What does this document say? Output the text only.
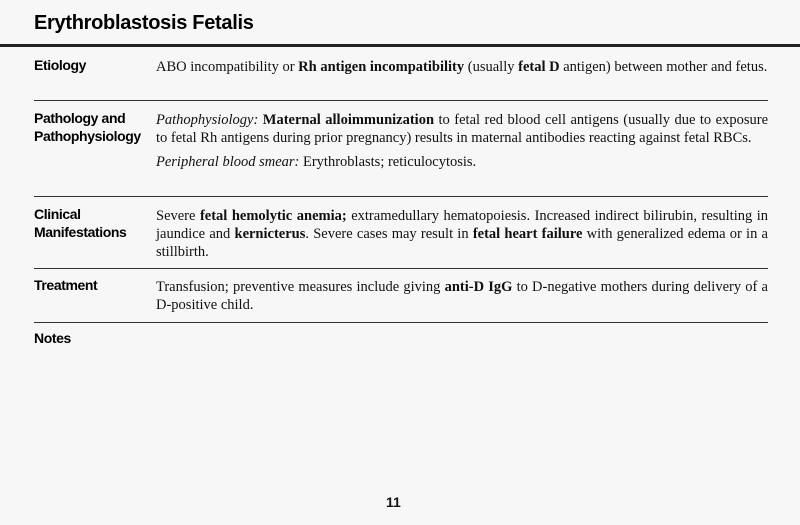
Erythroblastosis Fetalis
Etiology	ABO incompatibility or Rh antigen incompatibility (usually fetal D antigen) between mother and fetus.

Pathology and
Pathophysiology

Pathophysiology: Maternal alloimmunization to fetal red blood cell antigens (usually due to exposure to fetal Rh antigens during prior pregnancy) results in maternal antibodies reacting against fetal RBCs.

Peripheral blood smear: Erythroblasts; reticulocytosis.

Clinical
Manifestations

Severe fetal hemolytic anemia; extramedullary hematopoiesis. Increased indirect bilirubin, resulting in jaundice and kernicterus. Severe cases may result in fetal heart failure with generalized edema or in a stillbirth.

Treatment	Transfusion; preventive measures include giving anti-D IgG to D-negative mothers during delivery of a D-positive child.

Notes
11
